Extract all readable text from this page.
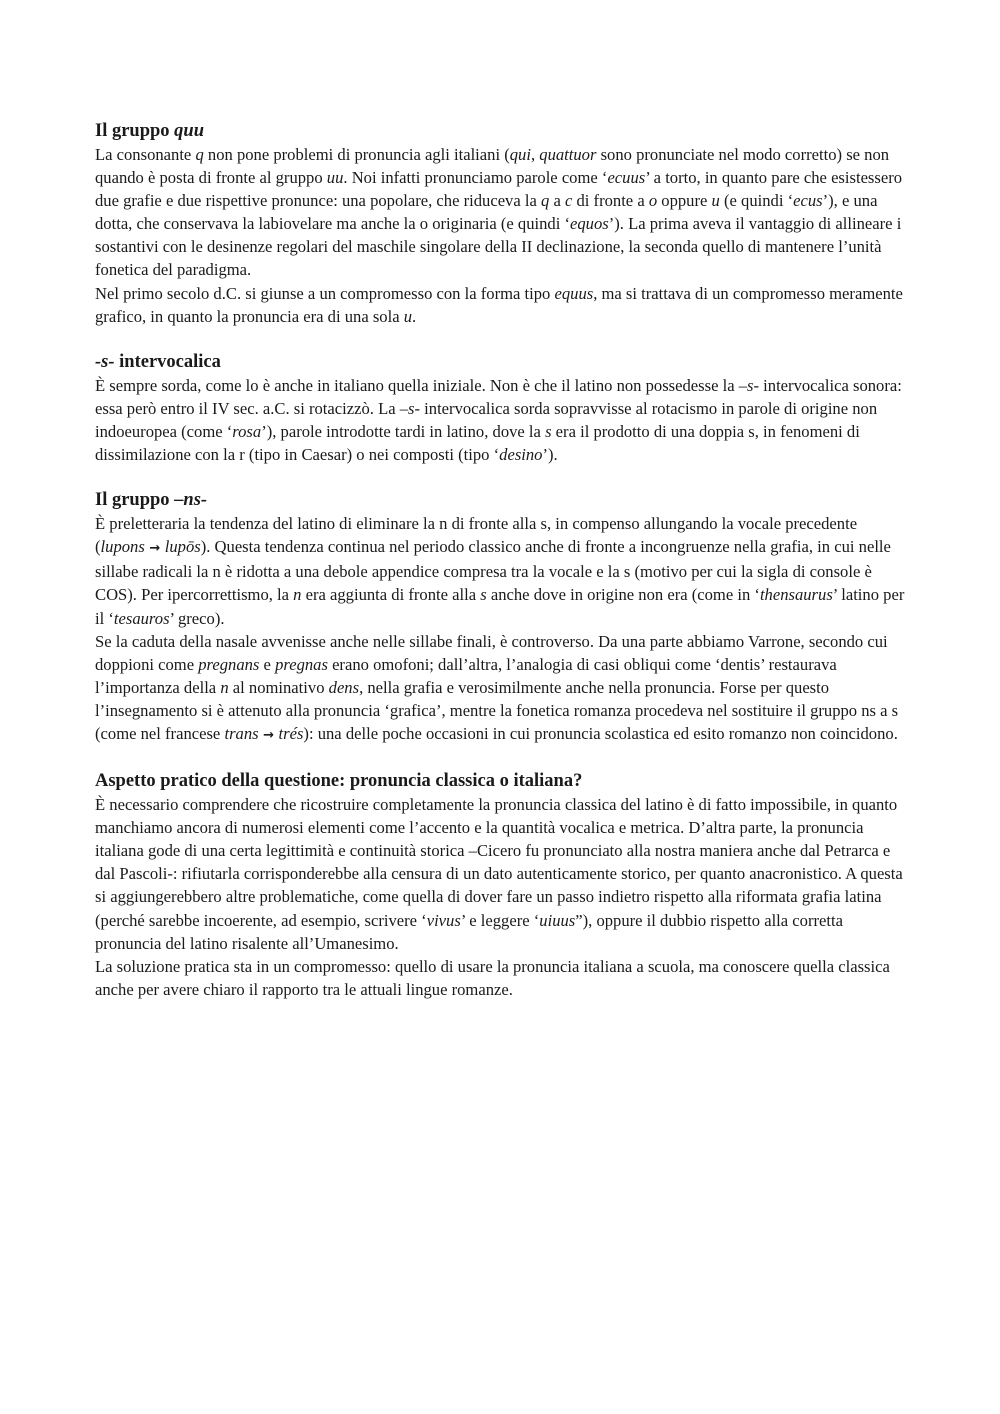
Il gruppo quu

La consonante q non pone problemi di pronuncia agli italiani (qui, quattuor sono pronunciate nel modo corretto) se non quando è posta di fronte al gruppo uu. Noi infatti pronunciamo parole come ‘ecuus’ a torto, in quanto pare che esistessero due grafie e due rispettive pronunce: una popolare, che riduceva la q a c di fronte a o oppure u (e quindi ‘ecus’), e una dotta, che conservava la labiovelare ma anche la o originaria (e quindi ‘equos’). La prima aveva il vantaggio di allineare i sostantivi con le desinenze regolari del maschile singolare della II declinazione, la seconda quello di mantenere l’unità fonetica del paradigma.

Nel primo secolo d.C. si giunse a un compromesso con la forma tipo equus, ma si trattava di un compromesso meramente grafico, in quanto la pronuncia era di una sola u.

-s- intervocalica

È sempre sorda, come lo è anche in italiano quella iniziale. Non è che il latino non possedesse la –s- intervocalica sonora: essa però entro il IV sec. a.C. si rotacizzò. La –s- intervocalica sorda sopravvisse al rotacismo in parole di origine non indoeuropea (come ‘rosa’), parole introdotte tardi in latino, dove la s era il prodotto di una doppia s, in fenomeni di dissimilazione con la r (tipo in Caesar) o nei composti (tipo ‘desino’).

Il gruppo –ns-

È preletteraria la tendenza del latino di eliminare la n di fronte alla s, in compenso allungando la vocale precedente (lupons → lupōs). Questa tendenza continua nel periodo classico anche di fronte a incongruenze nella grafia, in cui nelle sillabe radicali la n è ridotta a una debole appendice compresa tra la vocale e la s (motivo per cui la sigla di console è COS). Per ipercorrettismo, la n era aggiunta di fronte alla s anche dove in origine non era (come in ‘thensaurus’ latino per il ‘tesauros’ greco).

Se la caduta della nasale avvenisse anche nelle sillabe finali, è controverso. Da una parte abbiamo Varrone, secondo cui doppioni come pregnans e pregnas erano omofoni; dall’altra, l’analogia di casi obliqui come ‘dentis’ restaurava l’importanza della n al nominativo dens, nella grafia e verosimilmente anche nella pronuncia. Forse per questo l’insegnamento si è attenuto alla pronuncia ‘grafica’, mentre la fonetica romanza procedeva nel sostituire il gruppo ns a s (come nel francese trans → trés): una delle poche occasioni in cui pronuncia scolastica ed esito romanzo non coincidono.

Aspetto pratico della questione: pronuncia classica o italiana?

È necessario comprendere che ricostruire completamente la pronuncia classica del latino è di fatto impossibile, in quanto manchiamo ancora di numerosi elementi come l’accento e la quantità vocalica e metrica. D’altra parte, la pronuncia italiana gode di una certa legittimità e continuità storica –Cicero fu pronunciato alla nostra maniera anche dal Petrarca e dal Pascoli-: rifiutarla corrisponderebbe alla censura di un dato autenticamente storico, per quanto anacronistico. A questa si aggiungerebbero altre problematiche, come quella di dover fare un passo indietro rispetto alla riformata grafia latina (perché sarebbe incoerente, ad esempio, scrivere ‘vivus’ e leggere ‘uiuus”), oppure il dubbio rispetto alla corretta pronuncia del latino risalente all’Umanesimo.

La soluzione pratica sta in un compromesso: quello di usare la pronuncia italiana a scuola, ma conoscere quella classica anche per avere chiaro il rapporto tra le attuali lingue romanze.
